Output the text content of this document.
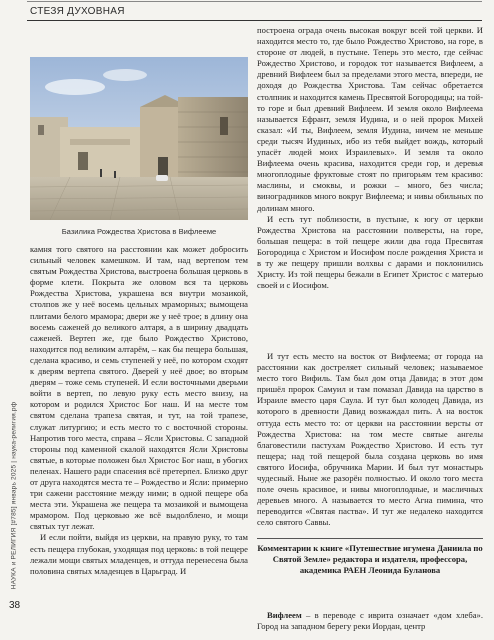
СТЕЗЯ ДУХОВНАЯ
Базилика Рождества Христова в Вифлееме

камня того святого на расстоянии как может добросить сильный человек камешком. И там, над вертепом тем святым Рождества Христова, выстроена большая церковь в форме клети. Покрыта же оловом вся та церковь Рождества Христова, украшена вся внутри мозаикой, столпов же у неё восемь цельных мраморных; вымощена плитами белого мрамора; двери же у неё трое; в длину она восемь саженей до великого алтаря, а в ширину двадцать саженей. Вертеп же, где было Рождество Христово, находится под великим алтарём, – как бы пещера большая, сделана красиво, и семь ступеней у неё, по котором сходят к дверям вертепа святого. Дверей у неё двое; во вторым дверям – тоже семь ступеней. И если восточными дверьми войти в вертеп, по левую руку есть место внизу, на котором и родился Христос Бог наш. И на месте том святом сделана трапеза святая, и тут, на той трапезе, служат литургию; и есть место то с восточной стороны. Напротив того места, справа – Ясли Христовы. С западной стороны под каменной скалой находятся Ясли Христовы святые, в которые положен был Христос Бог наш, в убогих пеленах. Нашего ради спасения всё претерпел. Близко друг от друга находятся места те – Рождество и Ясли: примерно три сажени расстояние между ними; в одной пещере оба места эти. Украшена же пещера та мозаикой и вымощена мрамором. Под церковью же всё выдолблено, и мощи святых тут лежат.

И если пойти, выйдя из церкви, на правую руку, то там есть пещера глубокая, уходящая под церковь: в той пещере лежали мощи святых младенцев, и оттуда перенесена была половина святых младенцев в Царьград. И

построена ограда очень высокая вокруг всей той церкви. И находится место то, где было Рождество Христово, на горе, в стороне от людей, в пустыне. Теперь это место, где сейчас Рождество Христово, и городок тот называется Вифлеем, а древний Вифлеем был за пределами этого места, впереди, не доходя до Рождества Христова. Там сейчас обретается столпник и находится камень Пресвятой Богородицы; на той-то горе и был древний Вифлеем. И земля около Вифлеема называется Ефрант, земля Иудина, и о ней пророк Михей сказал: «И ты, Вифлеем, земля Иудина, ничем не меньше среди тысяч Иудиных, ибо из тебя выйдет вождь, который упасёт людей моих Израилевых». И земля та около Вифлеема очень красива, находится среди гор, и деревья многоплодные фруктовые стоят по пригорьям тем красиво: маслины, и смоквы, и рожки – много, без числа; виноградников много вокруг Вифлеема; и нивы обильных по долинам много.

И есть тут поблизости, в пустыне, к югу от церкви Рождества Христова на расстоянии полверсты, на горе, большая пещера: в той пещере жили два года Пресвятая Богородица с Христом и Иосифом после рождения Христа и в ту же пещеру пришли волхвы с дарами и поклонились Христу. Из той пещеры бежали в Египет Христос с матерью своей и с Иосифом.

И тут есть место на восток от Вифлеема; от города на расстоянии как достреляет сильный человек; называемое место того Вифиль. Там был дом отца Давида; в этот дом пришёл пророк Самуил и там помазал Давида на царство в Израиле вместо царя Саула. И тут был колодец Давида, из которого в древности Давид возжаждал пить. А на восток оттуда есть место то: от церкви на расстоянии версты от Рождества Христова: на том месте святые ангелы благовестили пастухам Рождество Христово. И есть тут пещера; над той пещерой была создана церковь во имя святого Иосифа, обручника Марии. И был тут монастырь чудесный. Ныне же разорён полностью. И около того места поле очень красивое, и нивы многоплодные, и масличных деревьев много. А называется то место Агна пимина, что переводится «Святая паства». И тут же недалеко находится село святого Саввы.

Комментарии к книге «Путешествие игумена Даниила по Святой Земле» редактора и издателя, профессора, академика РАЕН Леонида Буланова

Вифлеем – в переводе с иврита означает «дом хлеба». Город на западном берегу реки Иордан, центр

НАУКА и РЕЛИГИЯ [#785] январь 2025 | наука-религия.рф
38
